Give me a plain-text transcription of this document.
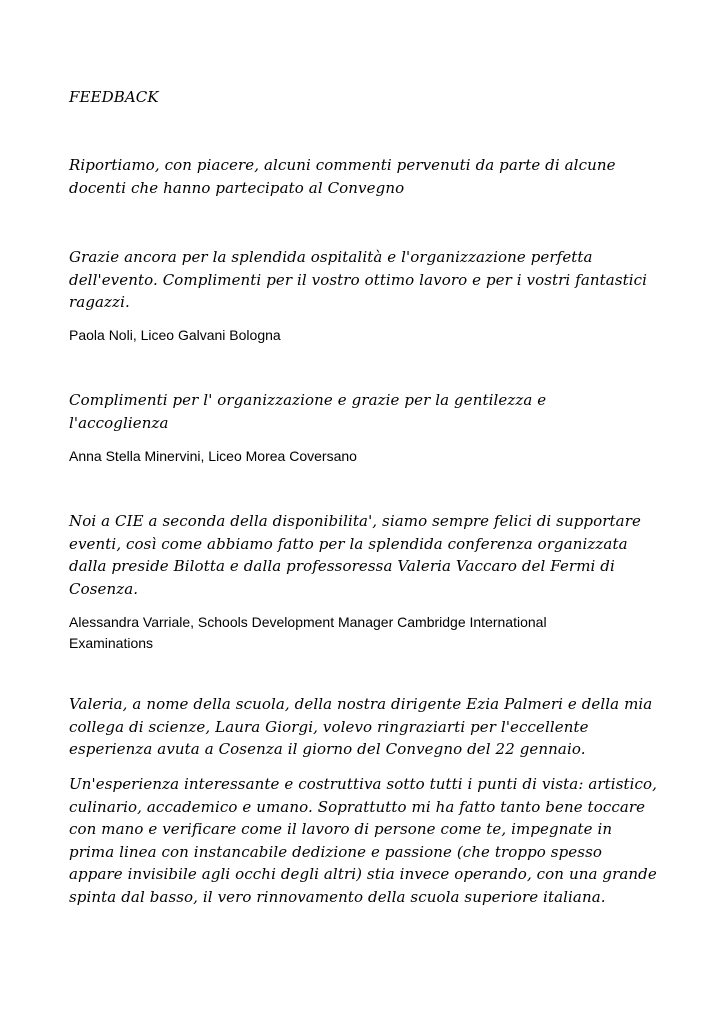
FEEDBACK

Riportiamo, con piacere, alcuni commenti pervenuti da parte di alcune docenti che hanno partecipato al Convegno

Grazie ancora per la splendida ospitalità e l'organizzazione perfetta dell'evento. Complimenti per il vostro ottimo lavoro e per i vostri fantastici ragazzi.

Paola Noli, Liceo Galvani Bologna

Complimenti per l' organizzazione e grazie per la gentilezza e l'accoglienza

Anna Stella Minervini, Liceo Morea Coversano

Noi a CIE a seconda della disponibilita', siamo sempre felici di supportare eventi, così come abbiamo fatto per la splendida conferenza organizzata dalla preside Bilotta e dalla professoressa Valeria Vaccaro del Fermi di Cosenza.

Alessandra Varriale, Schools Development Manager Cambridge International Examinations

Valeria, a nome della scuola, della nostra dirigente Ezia Palmeri e della mia collega di scienze, Laura Giorgi, volevo ringraziarti per l'eccellente esperienza avuta a Cosenza il giorno del Convegno del 22 gennaio.

Un'esperienza interessante e costruttiva sotto tutti i punti di vista: artistico, culinario, accademico e umano. Soprattutto mi ha fatto tanto bene toccare con mano e verificare come il lavoro di persone come te, impegnate in prima linea con instancabile dedizione e passione (che troppo spesso appare invisibile agli occhi degli altri) stia invece operando, con una grande spinta dal basso, il vero rinnovamento della scuola superiore italiana.
